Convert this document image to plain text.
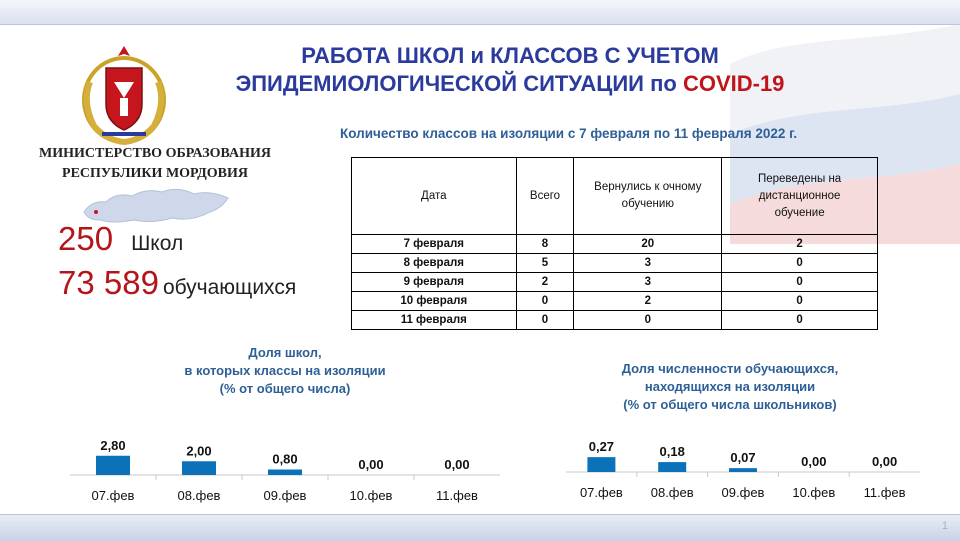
РАБОТА ШКОЛ и КЛАССОВ С УЧЕТОМ
ЭПИДЕМИОЛОГИЧЕСКОЙ СИТУАЦИИ по COVID-19
МИНИСТЕРСТВО ОБРАЗОВАНИЯ
РЕСПУБЛИКИ МОРДОВИЯ
250 Школ
73 589 обучающихся
Количество классов на изоляции с 7 февраля по 11 февраля 2022 г.
Дата	Всего	Вернулись к очному обучению	Переведены на дистанционное обучение
7 февраля	8	20	2
8 февраля	5	3	0
9 февраля	2	3	0
10 февраля	0	2	0
11 февраля	0	0	0
Доля школ,
в которых классы на изоляции
(% от общего числа)
2,80
07.фев
2,00
08.фев
0,80
09.фев
0,00
10.фев
0,00
11.фев
Доля численности обучающихся,
находящихся на изоляции
(% от общего числа школьников)
0,27
07.фев
0,18
08.фев
0,07
09.фев
0,00
10.фев
0,00
11.фев
1
